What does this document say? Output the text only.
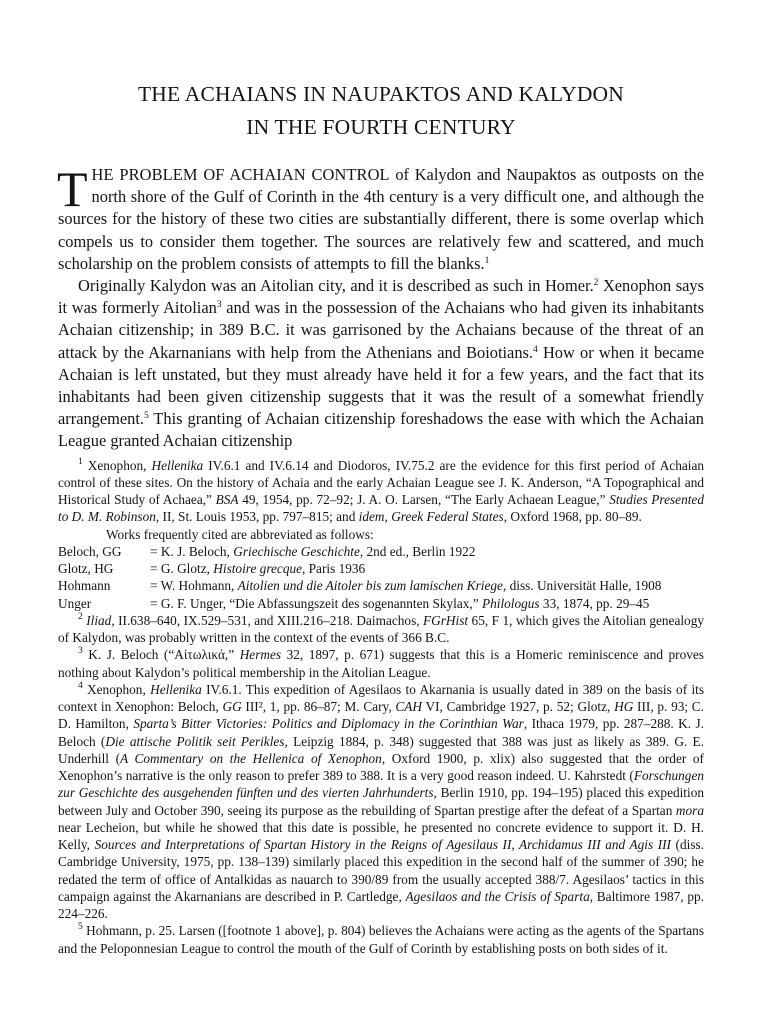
THE ACHAIANS IN NAUPAKTOS AND KALYDON
IN THE FOURTH CENTURY

THE PROBLEM OF ACHAIAN CONTROL of Kalydon and Naupaktos as outposts on the north shore of the Gulf of Corinth in the 4th century is a very difficult one, and although the sources for the history of these two cities are substantially different, there is some overlap which compels us to consider them together. The sources are relatively few and scattered, and much scholarship on the problem consists of attempts to fill the blanks.$^1$

Originally Kalydon was an Aitolian city, and it is described as such in Homer.$^2$ Xenophon says it was formerly Aitolian$^3$ and was in the possession of the Achaians who had given its inhabitants Achaian citizenship; in 389 B.C. it was garrisoned by the Achaians because of the threat of an attack by the Akarnanians with help from the Athenians and Boiotians.$^4$ How or when it became Achaian is left unstated, but they must already have held it for a few years, and the fact that its inhabitants had been given citizenship suggests that it was the result of a somewhat friendly arrangement.$^5$ This granting of Achaian citizenship foreshadows the ease with which the Achaian League granted Achaian citizenship

$^1$ Xenophon, Hellenika IV.6.1 and IV.6.14 and Diodoros, IV.75.2 are the evidence for this first period of Achaian control of these sites. On the history of Achaia and the early Achaian League see J. K. Anderson, “A Topographical and Historical Study of Achaea,” BSA 49, 1954, pp. 72–92; J. A. O. Larsen, “The Early Achaean League,” Studies Presented to D. M. Robinson, II, St. Louis 1953, pp. 797–815; and idem, Greek Federal States, Oxford 1968, pp. 80–89.

Works frequently cited are abbreviated as follows:

Beloch, GG	= K. J. Beloch, Griechische Geschichte, 2nd ed., Berlin 1922
Glotz, HG	= G. Glotz, Histoire grecque, Paris 1936
Hohmann	= W. Hohmann, Aitolien und die Aitoler bis zum lamischen Kriege, diss. Universität Halle, 1908
Unger	= G. F. Unger, “Die Abfassungszeit des sogenannten Skylax,” Philologus 33, 1874, pp. 29–45

$^2$ Iliad, II.638–640, IX.529–531, and XIII.216–218. Daimachos, FGrHist 65, F 1, which gives the Aitolian genealogy of Kalydon, was probably written in the context of the events of 366 B.C.

$^3$ K. J. Beloch (“Αἰτωλικά,” Hermes 32, 1897, p. 671) suggests that this is a Homeric reminiscence and proves nothing about Kalydon’s political membership in the Aitolian League.

$^4$ Xenophon, Hellenika IV.6.1. This expedition of Agesilaos to Akarnania is usually dated in 389 on the basis of its context in Xenophon: Beloch, GG III², 1, pp. 86–87; M. Cary, CAH VI, Cambridge 1927, p. 52; Glotz, HG III, p. 93; C. D. Hamilton, Sparta’s Bitter Victories: Politics and Diplomacy in the Corinthian War, Ithaca 1979, pp. 287–288. K. J. Beloch (Die attische Politik seit Perikles, Leipzig 1884, p. 348) suggested that 388 was just as likely as 389. G. E. Underhill (A Commentary on the Hellenica of Xenophon, Oxford 1900, p. xlix) also suggested that the order of Xenophon’s narrative is the only reason to prefer 389 to 388. It is a very good reason indeed. U. Kahrstedt (Forschungen zur Geschichte des ausgehenden fünften und des vierten Jahrhunderts, Berlin 1910, pp. 194–195) placed this expedition between July and October 390, seeing its purpose as the rebuilding of Spartan prestige after the defeat of a Spartan mora near Lecheion, but while he showed that this date is possible, he presented no concrete evidence to support it. D. H. Kelly, Sources and Interpretations of Spartan History in the Reigns of Agesilaus II, Archidamus III and Agis III (diss. Cambridge University, 1975, pp. 138–139) similarly placed this expedition in the second half of the summer of 390; he redated the term of office of Antalkidas as nauarch to 390/89 from the usually accepted 388/7. Agesilaos’ tactics in this campaign against the Akarnanians are described in P. Cartledge, Agesilaos and the Crisis of Sparta, Baltimore 1987, pp. 224–226.

$^5$ Hohmann, p. 25. Larsen ([footnote 1 above], p. 804) believes the Achaians were acting as the agents of the Spartans and the Peloponnesian League to control the mouth of the Gulf of Corinth by establishing posts on both sides of it.
